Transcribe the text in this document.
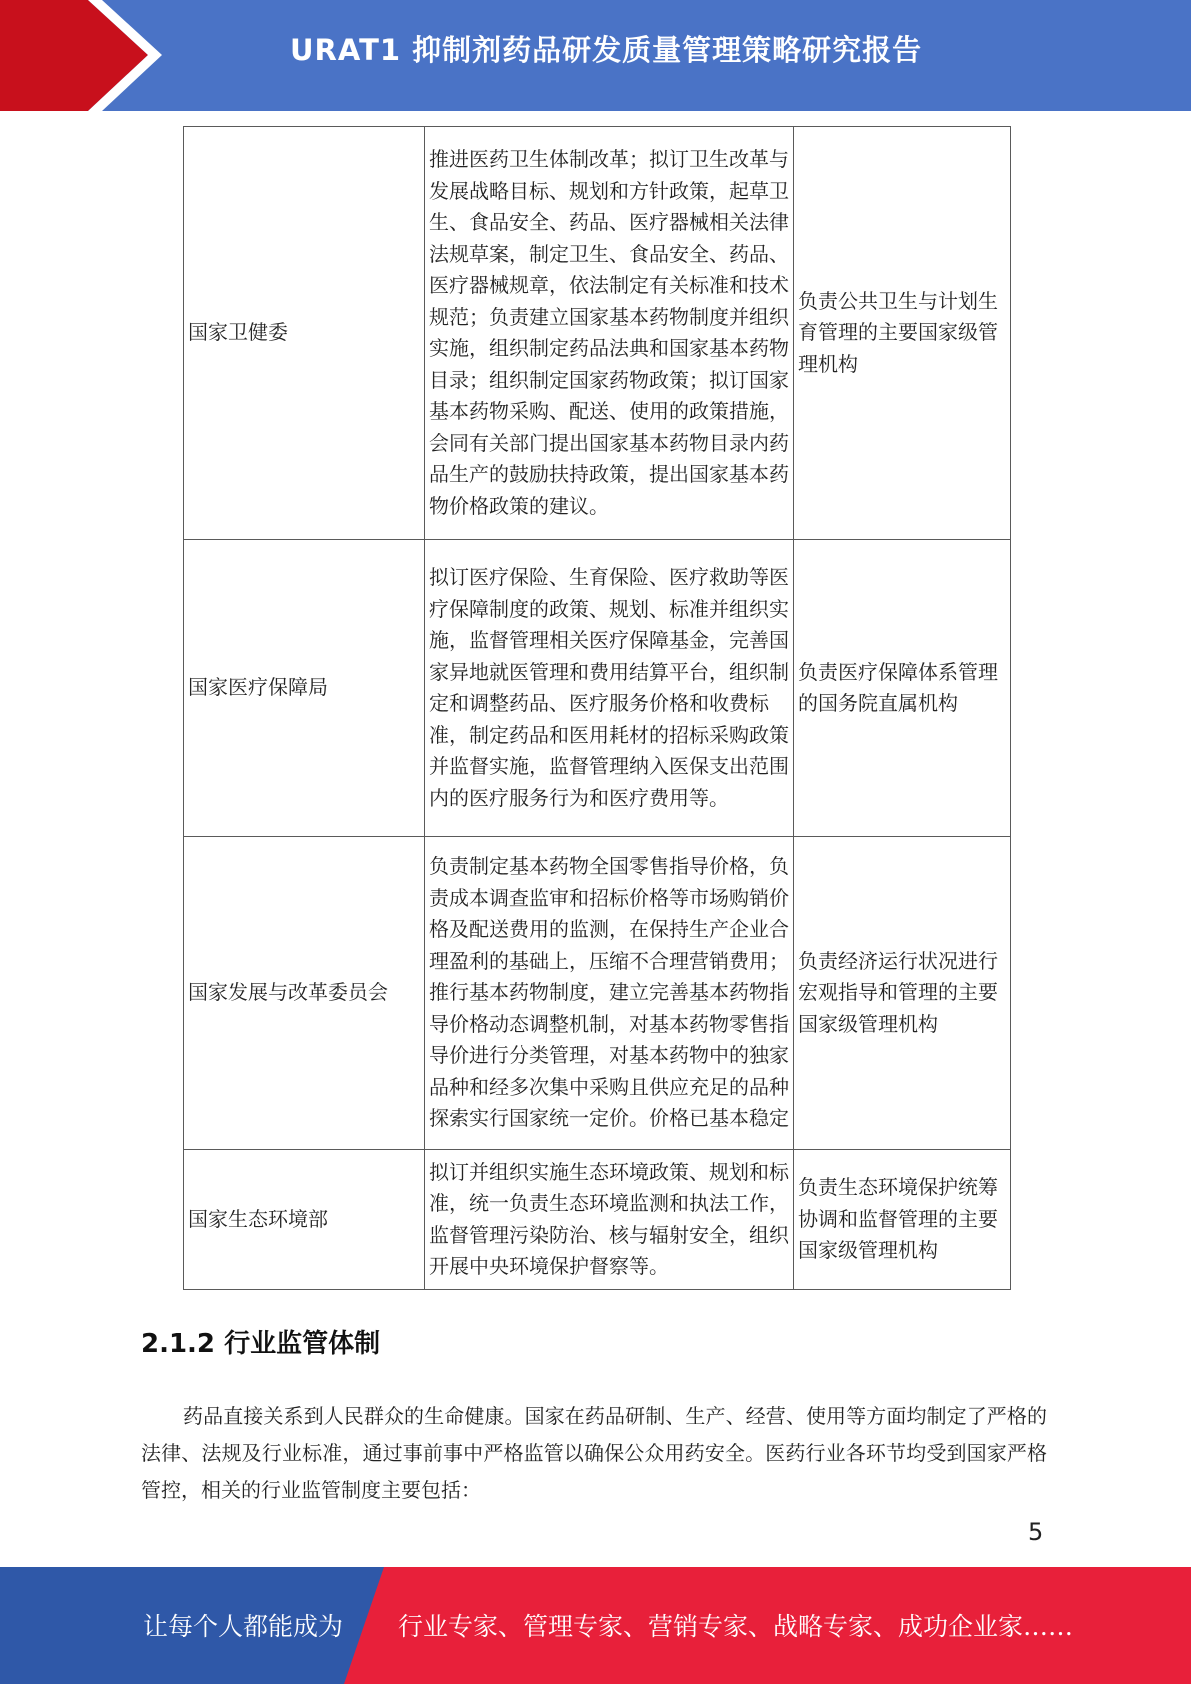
URAT1 抑制剂药品研发质量管理策略研究报告
国家卫健委	推进医药卫生体制改革；拟订卫生改革与发展战略目标、规划和方针政策，起草卫生、食品安全、药品、医疗器械相关法律法规草案，制定卫生、食品安全、药品、医疗器械规章，依法制定有关标准和技术规范；负责建立国家基本药物制度并组织实施，组织制定药品法典和国家基本药物目录；组织制定国家药物政策；拟订国家基本药物采购、配送、使用的政策措施，会同有关部门提出国家基本药物目录内药品生产的鼓励扶持政策，提出国家基本药物价格政策的建议。	负责公共卫生与计划生育管理的主要国家级管理机构
国家医疗保障局	拟订医疗保险、生育保险、医疗救助等医疗保障制度的政策、规划、标准并组织实施，监督管理相关医疗保障基金，完善国家异地就医管理和费用结算平台，组织制定和调整药品、医疗服务价格和收费标准，制定药品和医用耗材的招标采购政策并监督实施，监督管理纳入医保支出范围内的医疗服务行为和医疗费用等。	负责医疗保障体系管理的国务院直属机构
国家发展与改革委员会	负责制定基本药物全国零售指导价格，负责成本调查监审和招标价格等市场购销价格及配送费用的监测，在保持生产企业合理盈利的基础上，压缩不合理营销费用；推行基本药物制度，建立完善基本药物指导价格动态调整机制，对基本药物零售指导价进行分类管理，对基本药物中的独家品种和经多次集中采购且供应充足的品种探索实行国家统一定价。价格已基本稳定	负责经济运行状况进行宏观指导和管理的主要国家级管理机构
国家生态环境部	拟订并组织实施生态环境政策、规划和标准，统一负责生态环境监测和执法工作，监督管理污染防治、核与辐射安全，组织开展中央环境保护督察等。	负责生态环境保护统筹协调和监督管理的主要国家级管理机构
2.1.2 行业监管体制

药品直接关系到人民群众的生命健康。国家在药品研制、生产、经营、使用等方面均制定了严格的法律、法规及行业标准，通过事前事中严格监管以确保公众用药安全。医药行业各环节均受到国家严格管控，相关的行业监管制度主要包括：

5
让每个人都能成为 行业专家、管理专家、营销专家、战略专家、成功企业家……
